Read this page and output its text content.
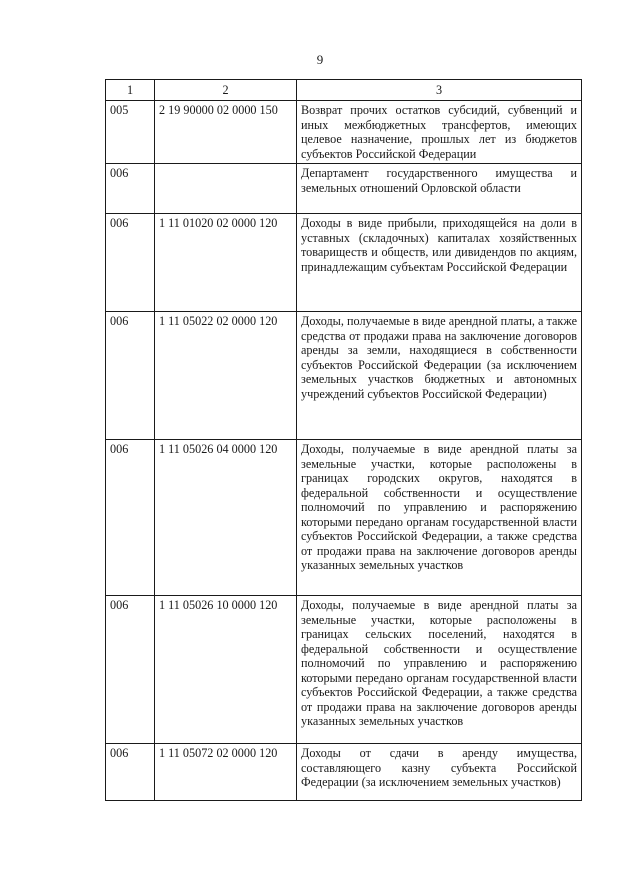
9
1	2	3
005	2 19 90000 02 0000 150	Возврат прочих остатков субсидий, субвенций и иных межбюджетных трансфертов, имеющих целевое назначение, прошлых лет из бюджетов субъектов Российской Федерации
006		Департамент государственного имущества и земельных отношений Орловской области
006	1 11 01020 02 0000 120	Доходы в виде прибыли, приходящейся на доли в уставных (складочных) капиталах хозяйственных товариществ и обществ, или дивидендов по акциям, принадлежащим субъектам Российской Федерации
006	1 11 05022 02 0000 120	Доходы, получаемые в виде арендной платы, а также средства от продажи права на заключение договоров аренды за земли, находящиеся в собственности субъектов Российской Федерации (за исключением земельных участков бюджетных и автономных учреждений субъектов Российской Федерации)
006	1 11 05026 04 0000 120	Доходы, получаемые в виде арендной платы за земельные участки, которые расположены в границах городских округов, находятся в федеральной собственности и осуществление полномочий по управлению и распоряжению которыми передано органам государственной власти субъектов Российской Федерации, а также средства от продажи права на заключение договоров аренды указанных земельных участков
006	1 11 05026 10 0000 120	Доходы, получаемые в виде арендной платы за земельные участки, которые расположены в границах сельских поселений, находятся в федеральной собственности и осуществление полномочий по управлению и распоряжению которыми передано органам государственной власти субъектов Российской Федерации, а также средства от продажи права на заключение договоров аренды указанных земельных участков
006	1 11 05072 02 0000 120	Доходы от сдачи в аренду имущества, составляющего казну субъекта Российской Федерации (за исключением земельных участков)
